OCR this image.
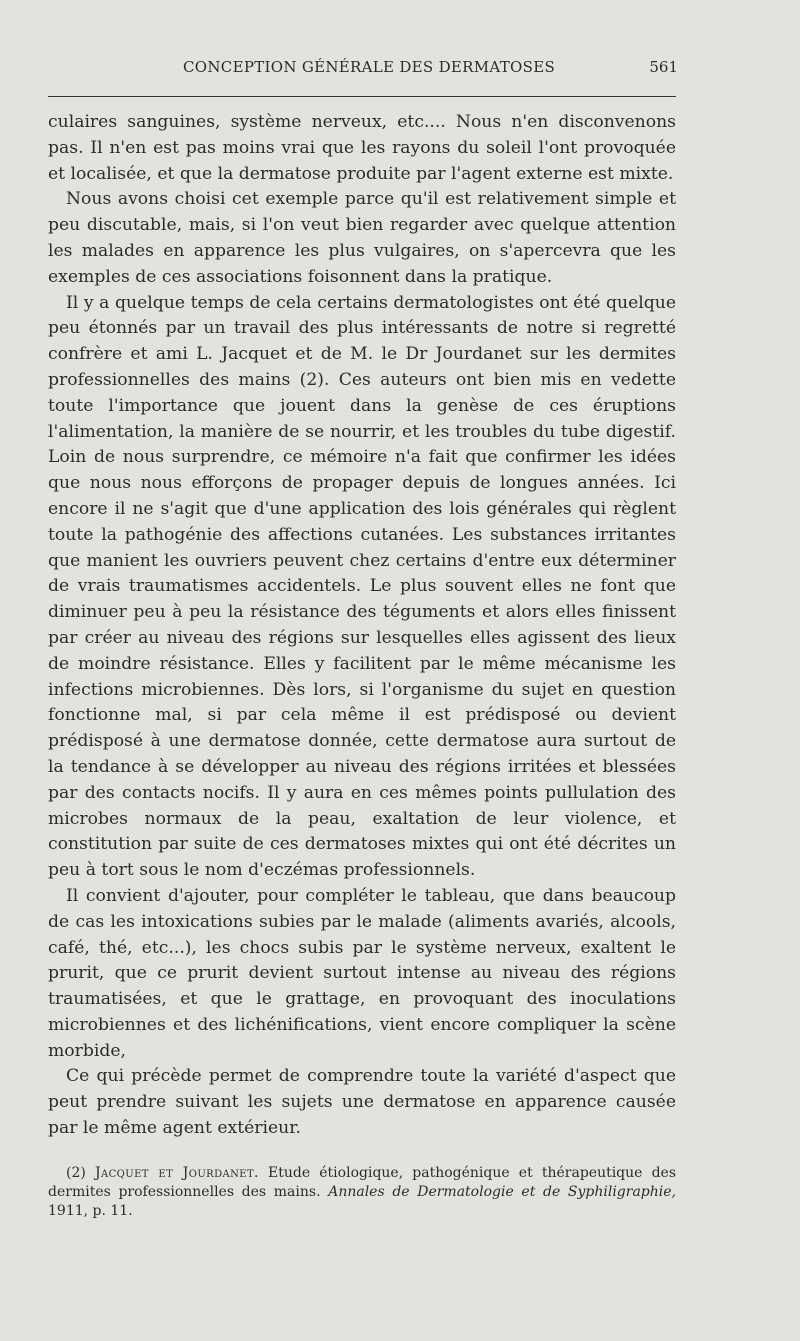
CONCEPTION GÉNÉRALE DES DERMATOSES	561

culaires sanguines, système nerveux, etc.... Nous n'en disconvenons pas. Il n'en est pas moins vrai que les rayons du soleil l'ont provoquée et localisée, et que la dermatose produite par l'agent externe est mixte.

Nous avons choisi cet exemple parce qu'il est relativement simple et peu discutable, mais, si l'on veut bien regarder avec quelque attention les malades en apparence les plus vulgaires, on s'apercevra que les exemples de ces associations foisonnent dans la pratique.

Il y a quelque temps de cela certains dermatologistes ont été quelque peu étonnés par un travail des plus intéressants de notre si regretté confrère et ami L. Jacquet et de M. le Dr Jourdanet sur les dermites professionnelles des mains (2). Ces auteurs ont bien mis en vedette toute l'importance que jouent dans la genèse de ces éruptions l'alimentation, la manière de se nourrir, et les troubles du tube digestif. Loin de nous surprendre, ce mémoire n'a fait que confirmer les idées que nous nous efforçons de propager depuis de longues années. Ici encore il ne s'agit que d'une application des lois générales qui règlent toute la pathogénie des affections cutanées. Les substances irritantes que manient les ouvriers peuvent chez certains d'entre eux déterminer de vrais traumatismes accidentels. Le plus souvent elles ne font que diminuer peu à peu la résistance des téguments et alors elles finissent par créer au niveau des régions sur lesquelles elles agissent des lieux de moindre résistance. Elles y facilitent par le même mécanisme les infections microbiennes. Dès lors, si l'organisme du sujet en question fonctionne mal, si par cela même il est prédisposé ou devient prédisposé à une dermatose donnée, cette dermatose aura surtout de la tendance à se développer au niveau des régions irritées et blessées par des contacts nocifs. Il y aura en ces mêmes points pullulation des microbes normaux de la peau, exaltation de leur violence, et constitution par suite de ces dermatoses mixtes qui ont été décrites un peu à tort sous le nom d'eczémas professionnels.

Il convient d'ajouter, pour compléter le tableau, que dans beaucoup de cas les intoxications subies par le malade (aliments avariés, alcools, café, thé, etc...), les chocs subis par le système nerveux, exaltent le prurit, que ce prurit devient surtout intense au niveau des régions traumatisées, et que le grattage, en provoquant des inoculations microbiennes et des lichénifications, vient encore compliquer la scène morbide,

Ce qui précède permet de comprendre toute la variété d'aspect que peut prendre suivant les sujets une dermatose en apparence causée par le même agent extérieur.

(2) Jacquet et Jourdanet. Etude étiologique, pathogénique et thérapeutique des dermites professionnelles des mains. Annales de Dermatologie et de Syphiligraphie, 1911, p. 11.
